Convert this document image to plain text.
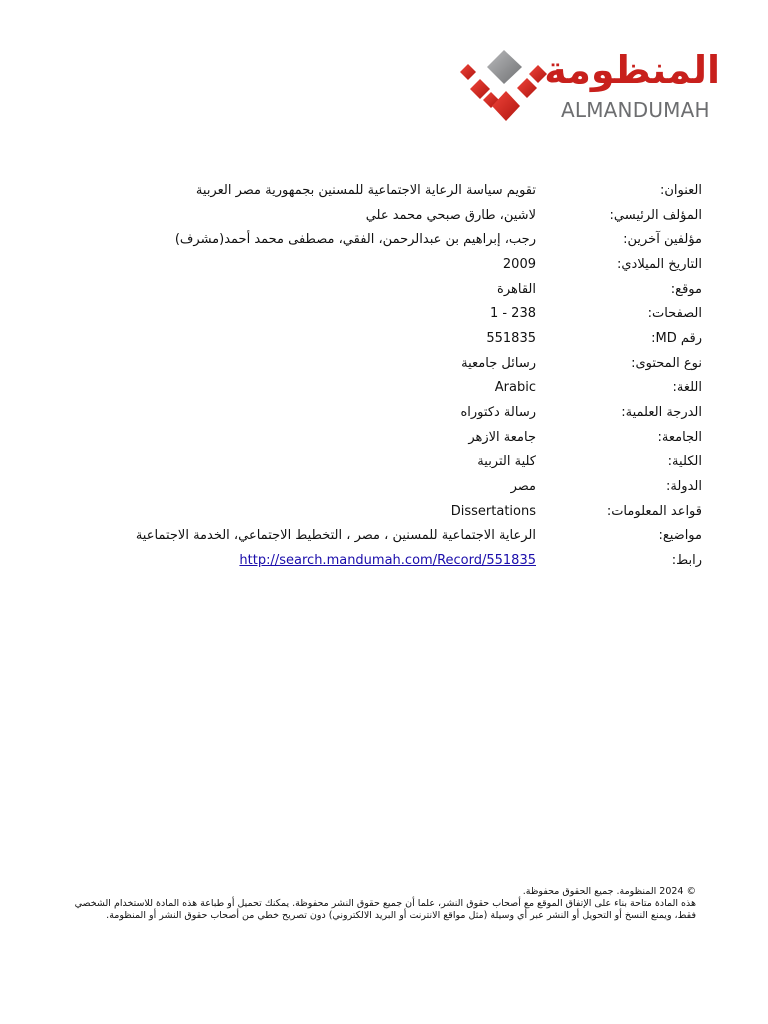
المنظومة
ALMANDUMAH
العنوان:
تقويم سياسة الرعاية الاجتماعية للمسنين بجمهورية مصر العربية
المؤلف الرئيسي:
لاشين، طارق صبحي محمد علي
مؤلفين آخرين:
رجب، إبراهيم بن عبدالرحمن، الفقي، مصطفى محمد أحمد(مشرف)
التاريخ الميلادي:
2009
موقع:
القاهرة
الصفحات:
1 - 238
رقم MD:
551835
نوع المحتوى:
رسائل جامعية
اللغة:
Arabic
الدرجة العلمية:
رسالة دكتوراه
الجامعة:
جامعة الازهر
الكلية:
كلية التربية
الدولة:
مصر
قواعد المعلومات:
Dissertations
مواضيع:
الرعاية الاجتماعية للمسنين ، مصر ، التخطيط الاجتماعي، الخدمة الاجتماعية
رابط:
http://search.mandumah.com/Record/551835

© 2024 المنظومة. جميع الحقوق محفوظة.

هذه المادة متاحة بناء على الإتفاق الموقع مع أصحاب حقوق النشر، علما أن جميع حقوق النشر محفوظة. يمكنك تحميل أو طباعة هذه المادة للاستخدام الشخصي فقط، ويمنع النسخ أو التحويل أو النشر عبر أي وسيلة (مثل مواقع الانترنت أو البريد الالكتروني) دون تصريح خطي من أصحاب حقوق النشر أو المنظومة.
